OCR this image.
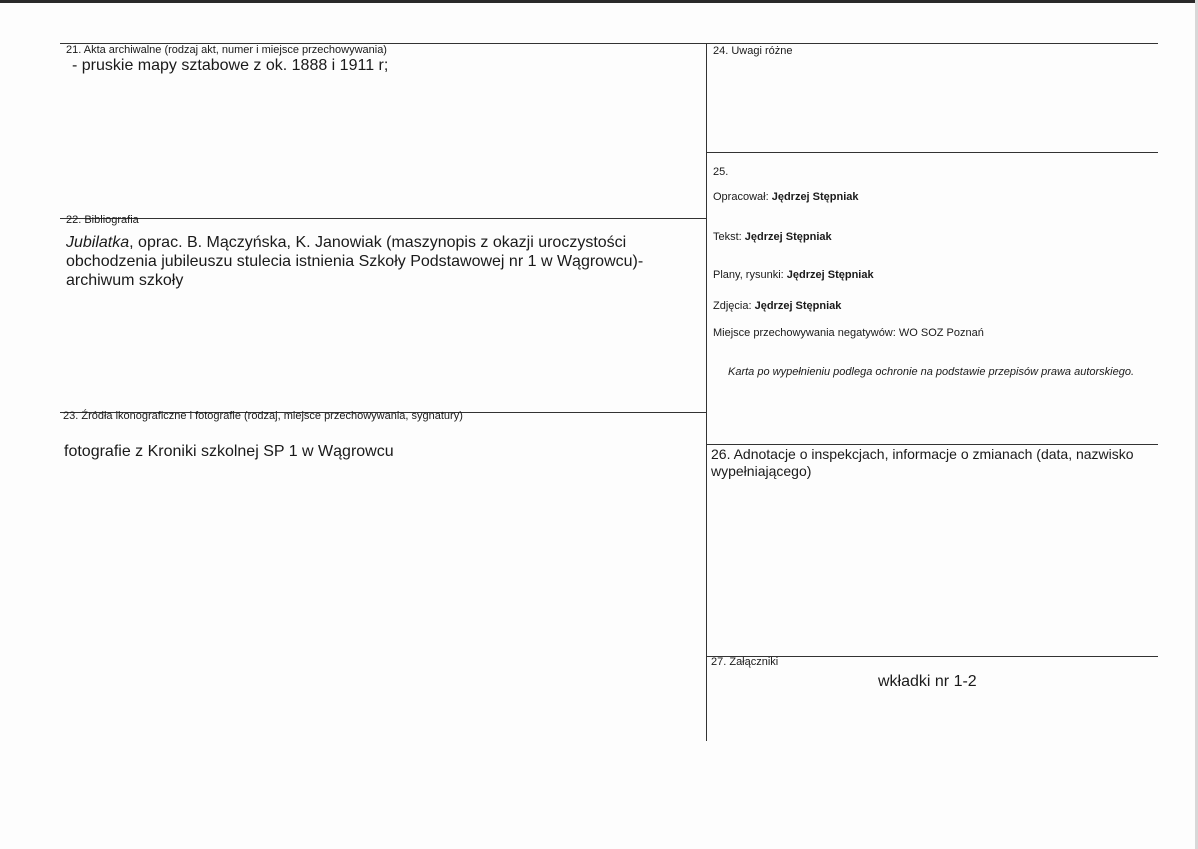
21. Akta archiwalne (rodzaj akt, numer i miejsce przechowywania)
- pruskie mapy sztabowe z ok. 1888 i 1911 r;
22. Bibliografia
Jubilatka, oprac. B. Mączyńska, K. Janowiak (maszynopis z okazji uroczystości
obchodzenia jubileuszu stulecia istnienia Szkoły Podstawowej nr 1 w Wągrowcu)-
archiwum szkoły
23. Źródła ikonograficzne i fotografie (rodzaj, miejsce przechowywania, sygnatury)
fotografie z Kroniki szkolnej SP 1 w Wągrowcu
24. Uwagi różne
25.
Opracował: Jędrzej Stępniak
Tekst: Jędrzej Stępniak
Plany, rysunki: Jędrzej Stępniak
Zdjęcia: Jędrzej Stępniak
Miejsce przechowywania negatywów: WO SOZ Poznań
Karta po wypełnieniu podlega ochronie na podstawie przepisów prawa autorskiego.
26. Adnotacje o inspekcjach, informacje o zmianach (data, nazwisko
wypełniającego)
27. Załączniki
wkładki nr 1-2
